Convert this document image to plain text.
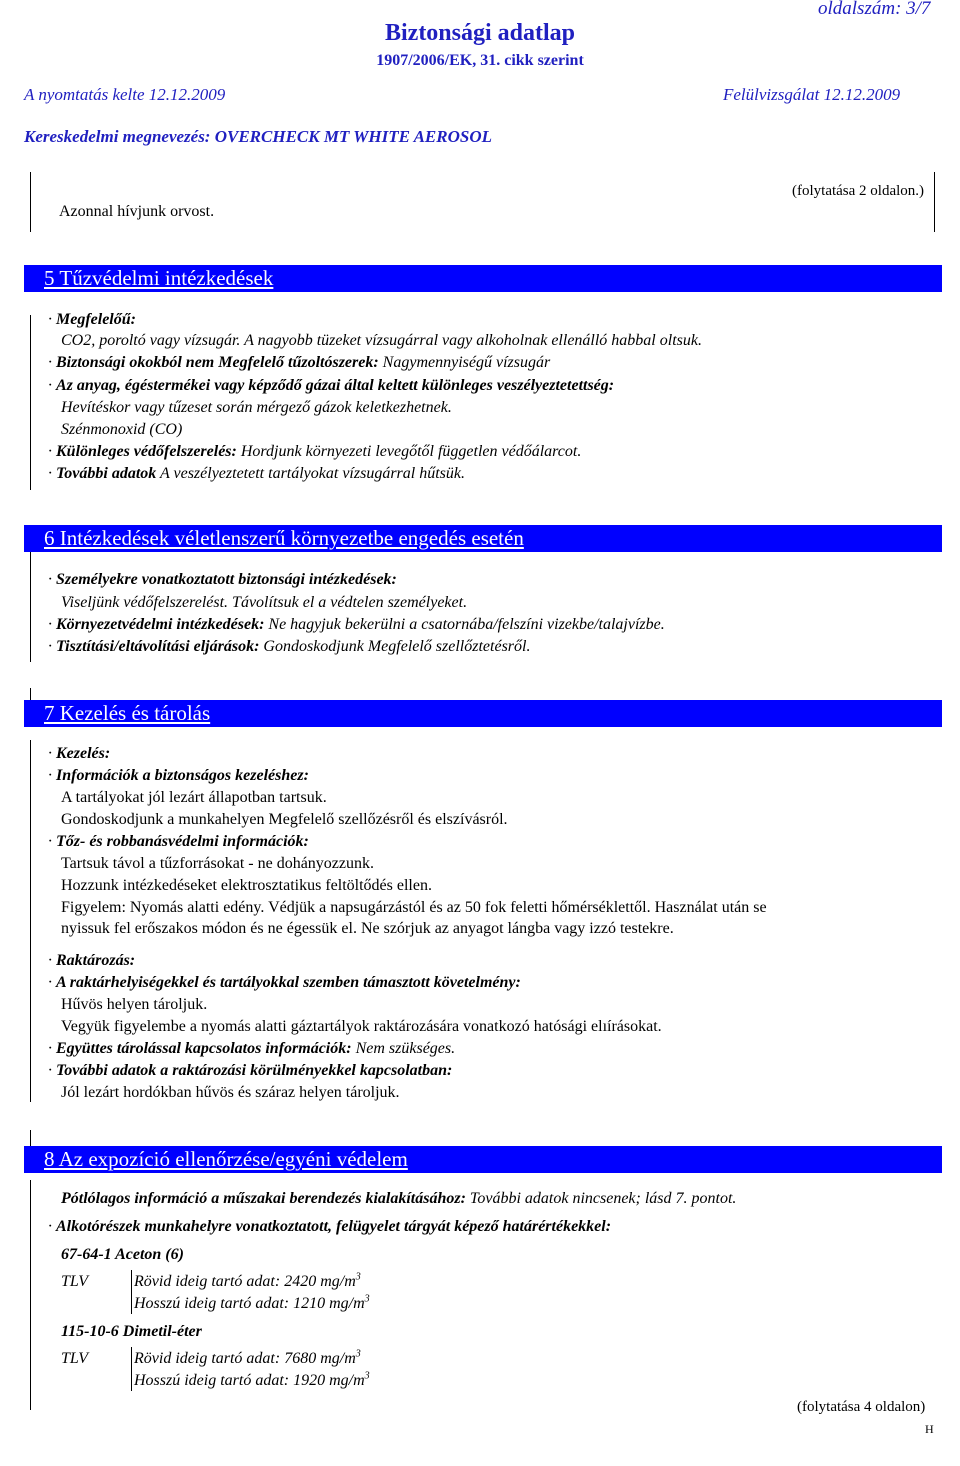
oldalszám: 3/7
Biztonsági adatlap
1907/2006/EK, 31. cikk szerint
A nyomtatás kelte 12.12.2009	Felülvizsgálat 12.12.2009
Kereskedelmi megnevezés: OVERCHECK MT WHITE AEROSOL
Azonnal hívjunk orvost.
(folytatása 2 oldalon.)
5 Tűzvédelmi intézkedések
· Megfelelőű:
CO2, poroltó vagy vízsugár. A nagyobb tüzeket vízsugárral vagy alkoholnak ellenálló habbal oltsuk.
· Biztonsági okokból nem Megfelelő tűzoltószerek: Nagymennyiségű vízsugár
· Az anyag, égéstermékei vagy képződő gázai által keltett különleges veszélyeztetettség:
Hevítéskor vagy tűzeset során mérgező gázok keletkezhetnek.
Szénmonoxid (CO)
· Különleges védőfelszerelés: Hordjunk környezeti levegőtől független védőálarcot.
· További adatok A veszélyeztetett tartályokat vízsugárral hűtsük.
6 Intézkedések véletlenszerű környezetbe engedés esetén
· Személyekre vonatkoztatott biztonsági intézkedések:
Viseljünk védőfelszerelést. Távolítsuk el a védtelen személyeket.
· Környezetvédelmi intézkedések: Ne hagyjuk bekerülni a csatornába/felszíni vizekbe/talajvízbe.
· Tisztítási/eltávolítási eljárások: Gondoskodjunk Megfelelő szellőztetésről.
7 Kezelés és tárolás
· Kezelés:
· Információk a biztonságos kezeléshez:
A tartályokat jól lezárt állapotban tartsuk.
Gondoskodjunk a munkahelyen Megfelelő szellőzésről és elszívásról.
· Tőz- és robbanásvédelmi információk:
Tartsuk távol a tűzforrásokat - ne dohányozzunk.
Hozzunk intézkedéseket elektrosztatikus feltöltődés ellen.
Figyelem: Nyomás alatti edény. Védjük a napsugárzástól és az 50 fok feletti hőmérséklettől. Használat után se
nyissuk fel erőszakos módon és ne égessük el. Ne szórjuk az anyagot lángba vagy izzó testekre.
· Raktározás:
· A raktárhelyiségekkel és tartályokkal szemben támasztott követelmény:
Hűvös helyen tároljuk.
Vegyük figyelembe a nyomás alatti gáztartályok raktározására vonatkozó hatósági elıírásokat.
· Együttes tárolással kapcsolatos információk: Nem szükséges.
· További adatok a raktározási körülményekkel kapcsolatban:
Jól lezárt hordókban hűvös és száraz helyen tároljuk.
8 Az expozíció ellenőrzése/egyéni védelem
Pótlólagos információ a műszakai berendezés kialakításához: További adatok nincsenek; lásd 7. pontot.
· Alkotórészek munkahelyre vonatkoztatott, felügyelet tárgyát képező határértékekkel:
67-64-1 Aceton (6)
TLV	Rövid ideig tartó adat: 2420 $mg/m^3$
Hosszú ideig tartó adat: 1210 $mg/m^3$
115-10-6 Dimetil-éter
TLV	Rövid ideig tartó adat: 7680 $mg/m^3$
Hosszú ideig tartó adat: 1920 $mg/m^3$
(folytatása 4 oldalon)
H
